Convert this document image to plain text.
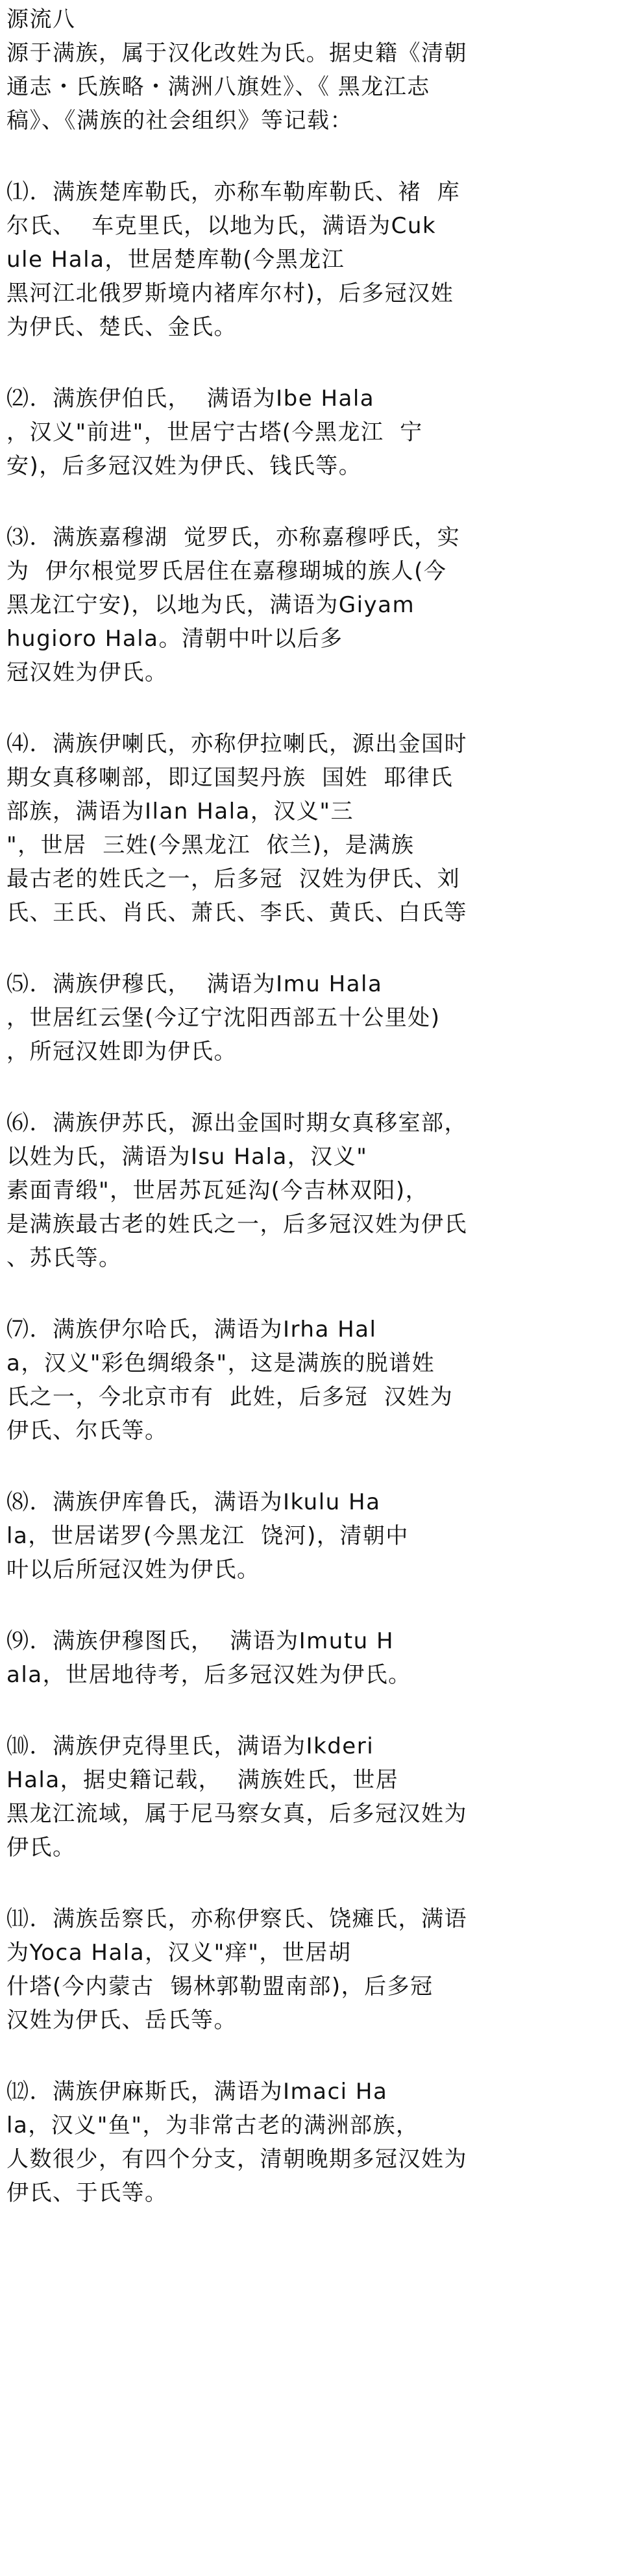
源流八
源于满族，属于汉化改姓为氏。据史籍《清朝
通志・氏族略・满洲八旗姓》、《 黑龙江志
稿》、《满族的社会组织》等记载：
⑴．满族楚库勒氏，亦称车勒库勒氏、褚  库
尔氏、  车克里氏，以地为氏，满语为Cuk
ule Hala，世居楚库勒(今黑龙江
黑河江北俄罗斯境内褚库尔村)，后多冠汉姓
为伊氏、楚氏、金氏。
⑵．满族伊伯氏，  满语为Ibe Hala
，汉义"前进"，世居宁古塔(今黑龙江  宁
安)，后多冠汉姓为伊氏、钱氏等。
⑶．满族嘉穆湖  觉罗氏，亦称嘉穆呼氏，实
为  伊尔根觉罗氏居住在嘉穆瑚城的族人(今
黑龙江宁安)，以地为氏，满语为Giyam
hugioro Hala。清朝中叶以后多
冠汉姓为伊氏。
⑷．满族伊喇氏，亦称伊拉喇氏，源出金国时
期女真移喇部，即辽国契丹族  国姓  耶律氏
部族，满语为Ilan Hala，汉义"三
"，世居  三姓(今黑龙江  依兰)，是满族
最古老的姓氏之一，后多冠  汉姓为伊氏、刘
氏、王氏、肖氏、萧氏、李氏、黄氏、白氏等
⑸．满族伊穆氏，  满语为Imu Hala
，世居红云堡(今辽宁沈阳西部五十公里处)
，所冠汉姓即为伊氏。
⑹．满族伊苏氏，源出金国时期女真移室部，
以姓为氏，满语为Isu Hala，汉义"
素面青缎"，世居苏瓦延沟(今吉林双阳)，
是满族最古老的姓氏之一，后多冠汉姓为伊氏
、苏氏等。
⑺．满族伊尔哈氏，满语为Irha Hal
a，汉义"彩色绸缎条"，这是满族的脱谱姓
氏之一，今北京市有  此姓，后多冠  汉姓为
伊氏、尔氏等。
⑻．满族伊库鲁氏，满语为Ikulu Ha
la，世居诺罗(今黑龙江  饶河)，清朝中
叶以后所冠汉姓为伊氏。
⑼．满族伊穆图氏，  满语为Imutu H
ala，世居地待考，后多冠汉姓为伊氏。
⑽．满族伊克得里氏，满语为Ikderi
Hala，据史籍记载，  满族姓氏，世居
黑龙江流域，属于尼马察女真，后多冠汉姓为
伊氏。
⑾．满族岳察氏，亦称伊察氏、饶瘫氏，满语
为Yoca Hala，汉义"痒"，世居胡
什塔(今内蒙古  锡林郭勒盟南部)，后多冠
汉姓为伊氏、岳氏等。
⑿．满族伊麻斯氏，满语为Imaci Ha
la，汉义"鱼"，为非常古老的满洲部族，
人数很少，有四个分支，清朝晚期多冠汉姓为
伊氏、于氏等。
